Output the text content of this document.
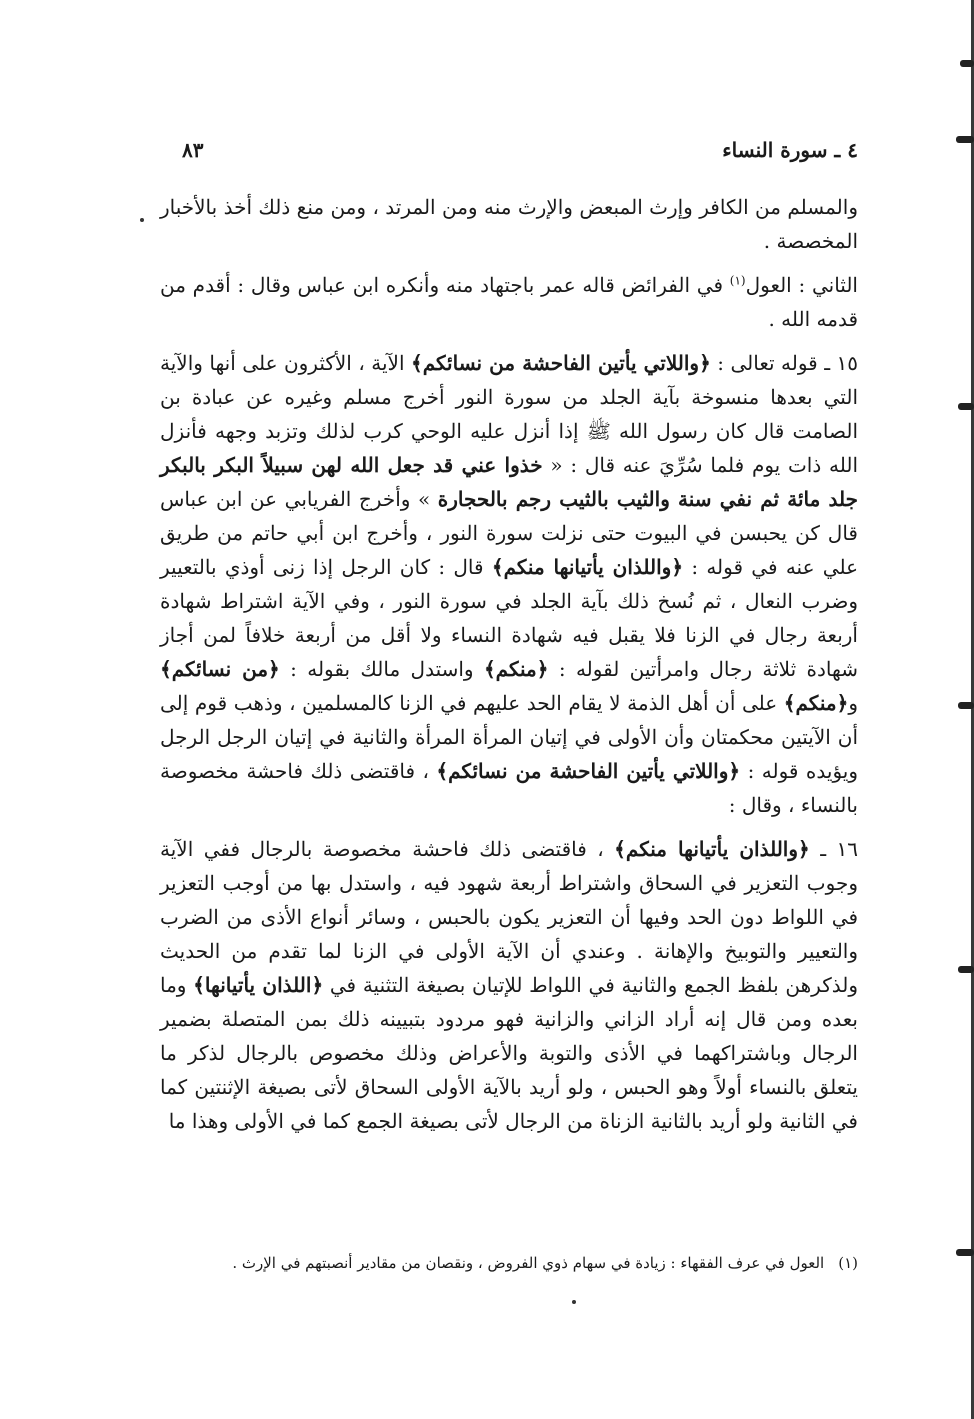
٤ ـ سورة النساء
٨٣

والمسلم من الكافر وإرث المبعض والإرث منه ومن المرتد ، ومن منع ذلك أخذ بالأخبار المخصصة .

الثاني : العول$^{(١)}$ في الفرائض قاله عمر باجتهاد منه وأنكره ابن عباس وقال : أقدم من قدمه الله .

١٥ ـ قوله تعالى : ﴿واللاتي يأتين الفاحشة من نسائكم﴾ الآية ، الأكثرون على أنها والآية التي بعدها منسوخة بآية الجلد من سورة النور أخرج مسلم وغيره عن عبادة بن الصامت قال كان رسول الله ﷺ إذا أنزل عليه الوحي كرب لذلك وتزبد وجهه فأنزل الله ذات يوم فلما سُرِّيَ عنه قال : « خذوا عني قد جعل الله لهن سبيلاً البكر بالبكر جلد مائة ثم نفي سنة والثيب بالثيب رجم بالحجارة » وأخرج الفريابي عن ابن عباس قال كن يحبسن في البيوت حتى نزلت سورة النور ، وأخرج ابن أبي حاتم من طريق علي عنه في قوله : ﴿واللذان يأتيانها منكم﴾ قال : كان الرجل إذا زنى أوذي بالتعيير وضرب النعال ، ثم نُسخ ذلك بآية الجلد في سورة النور ، وفي الآية اشتراط شهادة أربعة رجال في الزنا فلا يقبل فيه شهادة النساء ولا أقل من أربعة خلافاً لمن أجاز شهادة ثلاثة رجال وامرأتين لقوله : ﴿منكم﴾ واستدل مالك بقوله : ﴿من نسائكم﴾ و﴿منكم﴾ على أن أهل الذمة لا يقام الحد عليهم في الزنا كالمسلمين ، وذهب قوم إلى أن الآيتين محكمتان وأن الأولى في إتيان المرأة المرأة والثانية في إتيان الرجل الرجل ويؤيده قوله : ﴿واللاتي يأتين الفاحشة من نسائكم﴾ ، فاقتضى ذلك فاحشة مخصوصة بالنساء ، وقال :

١٦ ـ ﴿واللذان يأتيانها منكم﴾ ، فاقتضى ذلك فاحشة مخصوصة بالرجال ففي الآية وجوب التعزير في السحاق واشتراط أربعة شهود فيه ، واستدل بها من أوجب التعزير في اللواط دون الحد وفيها أن التعزير يكون بالحبس ، وسائر أنواع الأذى من الضرب والتعيير والتوبيخ والإهانة . وعندي أن الآية الأولى في الزنا لما تقدم من الحديث ولذكرهن بلفظ الجمع والثانية في اللواط للإتيان بصيغة التثنية في ﴿اللذان يأتيانها﴾ وما بعده ومن قال إنه أراد الزاني والزانية فهو مردود بتبيينه ذلك بمن المتصلة بضمير الرجال وباشتراكهما في الأذى والتوبة والأعراض وذلك مخصوص بالرجال لذكر ما يتعلق بالنساء أولاً وهو الحبس ، ولو أريد بالآية الأولى السحاق لأتى بصيغة الإثنتين كما في الثانية ولو أريد بالثانية الزناة من الرجال لأتى بصيغة الجمع كما في الأولى وهذا ما

(١)العول في عرف الفقهاء : زيادة في سهام ذوي الفروض ، ونقصان من مقادير أنصبتهم في الإرث .
